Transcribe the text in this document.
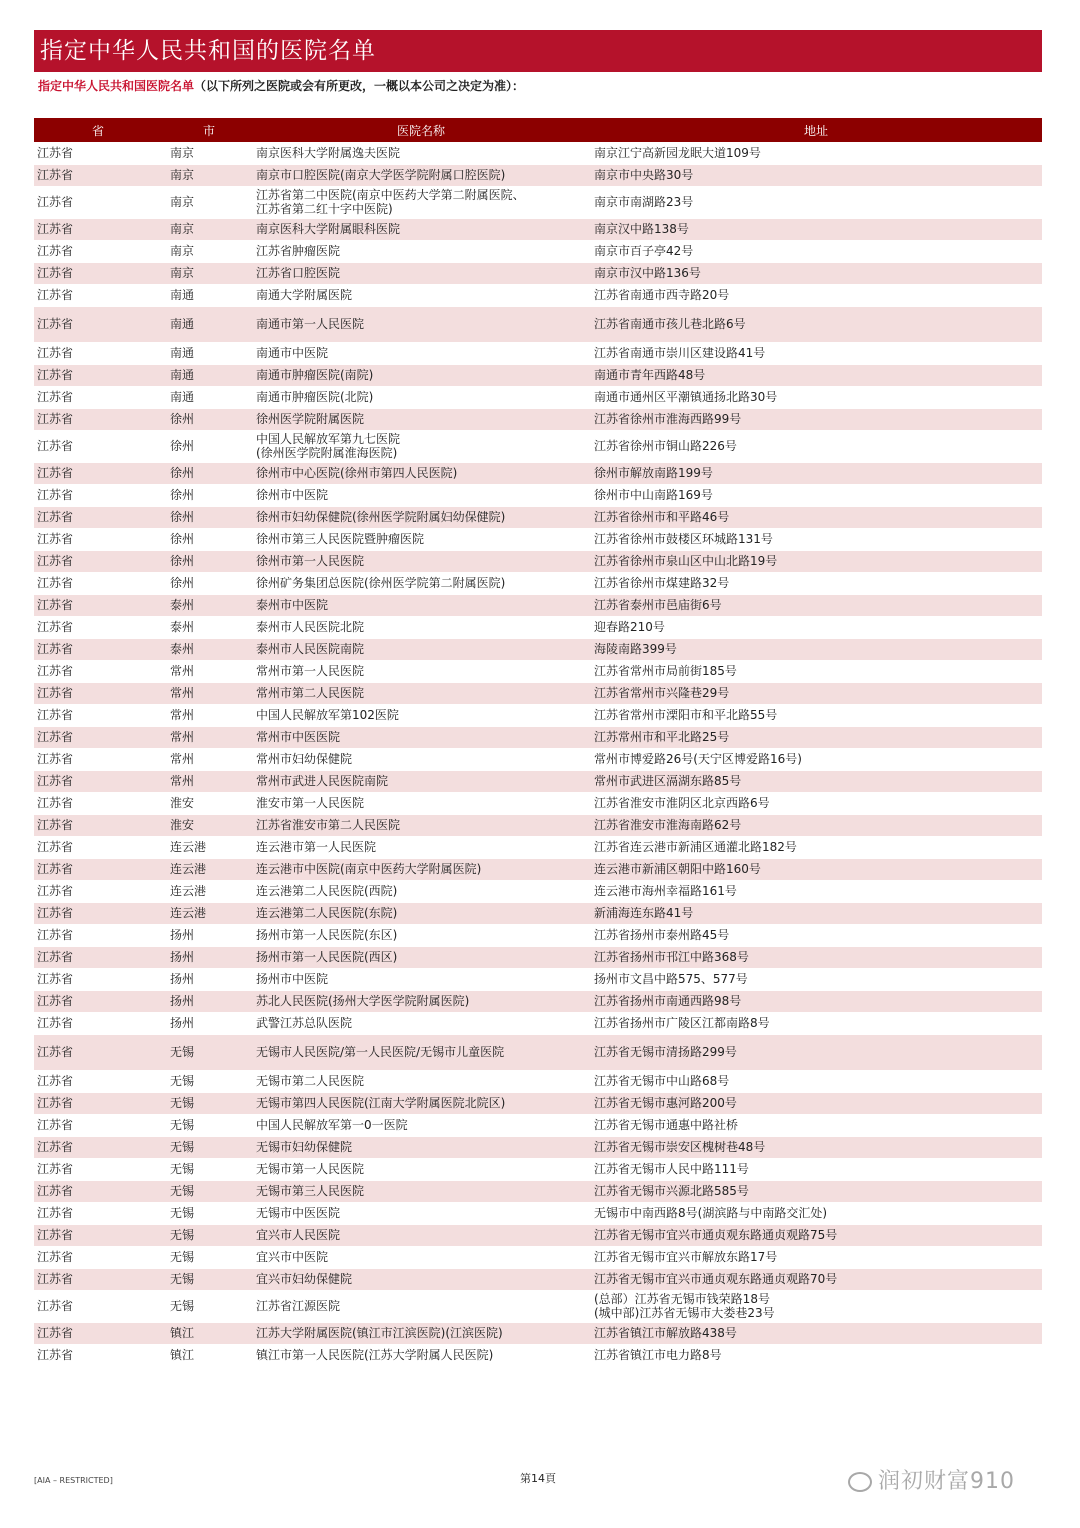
指定中华人民共和国的医院名单
指定中华人民共和国医院名单（以下所列之医院或会有所更改，一概以本公司之决定为准）：
省	市	医院名称	地址
江苏省	南京	南京医科大学附属逸夫医院	南京江宁高新园龙眠大道109号
江苏省	南京	南京市口腔医院(南京大学医学院附属口腔医院)	南京市中央路30号
江苏省	南京	江苏省第二中医院(南京中医药大学第二附属医院、
江苏省第二红十字中医院)	南京市南湖路23号
江苏省	南京	南京医科大学附属眼科医院	南京汉中路138号
江苏省	南京	江苏省肿瘤医院	南京市百子亭42号
江苏省	南京	江苏省口腔医院	南京市汉中路136号
江苏省	南通	南通大学附属医院	江苏省南通市西寺路20号
江苏省	南通	南通市第一人民医院	江苏省南通市孩儿巷北路6号
江苏省	南通	南通市中医院	江苏省南通市崇川区建设路41号
江苏省	南通	南通市肿瘤医院(南院)	南通市青年西路48号
江苏省	南通	南通市肿瘤医院(北院)	南通市通州区平潮镇通扬北路30号
江苏省	徐州	徐州医学院附属医院	江苏省徐州市淮海西路99号
江苏省	徐州	中国人民解放军第九七医院
(徐州医学院附属淮海医院)	江苏省徐州市铜山路226号
江苏省	徐州	徐州市中心医院(徐州市第四人民医院)	徐州市解放南路199号
江苏省	徐州	徐州市中医院	徐州市中山南路169号
江苏省	徐州	徐州市妇幼保健院(徐州医学院附属妇幼保健院)	江苏省徐州市和平路46号
江苏省	徐州	徐州市第三人民医院暨肿瘤医院	江苏省徐州市鼓楼区环城路131号
江苏省	徐州	徐州市第一人民医院	江苏省徐州市泉山区中山北路19号
江苏省	徐州	徐州矿务集团总医院(徐州医学院第二附属医院)	江苏省徐州市煤建路32号
江苏省	泰州	泰州市中医院	江苏省泰州市邑庙街6号
江苏省	泰州	泰州市人民医院北院	迎春路210号
江苏省	泰州	泰州市人民医院南院	海陵南路399号
江苏省	常州	常州市第一人民医院	江苏省常州市局前街185号
江苏省	常州	常州市第二人民医院	江苏省常州市兴隆巷29号
江苏省	常州	中国人民解放军第102医院	江苏省常州市溧阳市和平北路55号
江苏省	常州	常州市中医医院	江苏常州市和平北路25号
江苏省	常州	常州市妇幼保健院	常州市博爱路26号(天宁区博爱路16号)
江苏省	常州	常州市武进人民医院南院	常州市武进区滆湖东路85号
江苏省	淮安	淮安市第一人民医院	江苏省淮安市淮阴区北京西路6号
江苏省	淮安	江苏省淮安市第二人民医院	江苏省淮安市淮海南路62号
江苏省	连云港	连云港市第一人民医院	江苏省连云港市新浦区通灌北路182号
江苏省	连云港	连云港市中医院(南京中医药大学附属医院)	连云港市新浦区朝阳中路160号
江苏省	连云港	连云港第二人民医院(西院)	连云港市海州幸福路161号
江苏省	连云港	连云港第二人民医院(东院)	新浦海连东路41号
江苏省	扬州	扬州市第一人民医院(东区)	江苏省扬州市泰州路45号
江苏省	扬州	扬州市第一人民医院(西区)	江苏省扬州市邗江中路368号
江苏省	扬州	扬州市中医院	扬州市文昌中路575、577号
江苏省	扬州	苏北人民医院(扬州大学医学院附属医院)	江苏省扬州市南通西路98号
江苏省	扬州	武警江苏总队医院	江苏省扬州市广陵区江都南路8号
江苏省	无锡	无锡市人民医院/第一人民医院/无锡市儿童医院	江苏省无锡市清扬路299号
江苏省	无锡	无锡市第二人民医院	江苏省无锡市中山路68号
江苏省	无锡	无锡市第四人民医院(江南大学附属医院北院区)	江苏省无锡市惠河路200号
江苏省	无锡	中国人民解放军第一0一医院	江苏省无锡市通惠中路社桥
江苏省	无锡	无锡市妇幼保健院	江苏省无锡市崇安区槐树巷48号
江苏省	无锡	无锡市第一人民医院	江苏省无锡市人民中路111号
江苏省	无锡	无锡市第三人民医院	江苏省无锡市兴源北路585号
江苏省	无锡	无锡市中医医院	无锡市中南西路8号(湖滨路与中南路交汇处)
江苏省	无锡	宜兴市人民医院	江苏省无锡市宜兴市通贞观东路通贞观路75号
江苏省	无锡	宜兴市中医院	江苏省无锡市宜兴市解放东路17号
江苏省	无锡	宜兴市妇幼保健院	江苏省无锡市宜兴市通贞观东路通贞观路70号
江苏省	无锡	江苏省江源医院	(总部）江苏省无锡市钱荣路18号
(城中部)江苏省无锡市大娄巷23号
江苏省	镇江	江苏大学附属医院(镇江市江滨医院)(江滨医院)	江苏省镇江市解放路438号
江苏省	镇江	镇江市第一人民医院(江苏大学附属人民医院)	江苏省镇江市电力路8号
[AIA – RESTRICTED]	第14頁	润初财富910
